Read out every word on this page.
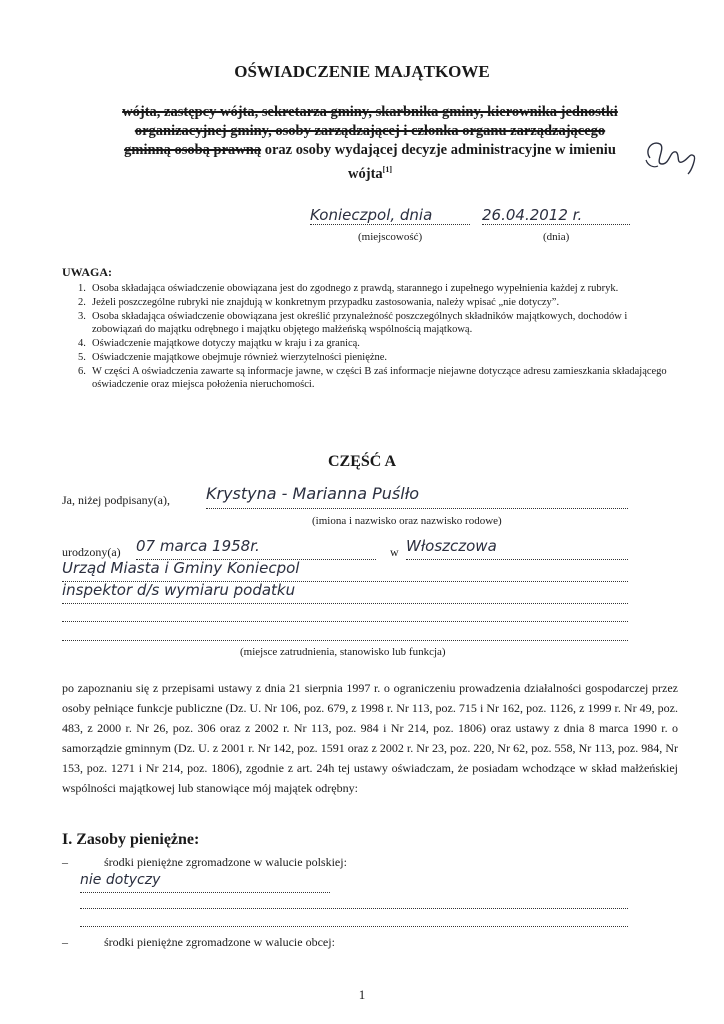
OŚWIADCZENIE MAJĄTKOWE
wójta, zastępcy wójta, sekretarza gminy, skarbnika gminy, kierownika jednostki
organizacyjnej gminy, osoby zarządzającej i członka organu zarządzającego
gminną osobą prawną oraz osoby wydającej decyzje administracyjne w imieniu
wójta[1]
Konieczpol, dnia	26.04.2012 r.
(miejscowość)	(dnia)
UWAGA:
1. Osoba składająca oświadczenie obowiązana jest do zgodnego z prawdą, starannego i zupełnego wypełnienia każdej z rubryk.
2. Jeżeli poszczególne rubryki nie znajdują w konkretnym przypadku zastosowania, należy wpisać „nie dotyczy”.
3. Osoba składająca oświadczenie obowiązana jest określić przynależność poszczególnych składników majątkowych, dochodów i zobowiązań do majątku odrębnego i majątku objętego małżeńską wspólnością majątkową.
4. Oświadczenie majątkowe dotyczy majątku w kraju i za granicą.
5. Oświadczenie majątkowe obejmuje również wierzytelności pieniężne.
6. W części A oświadczenia zawarte są informacje jawne, w części B zaś informacje niejawne dotyczące adresu zamieszkania składającego oświadczenie oraz miejsca położenia nieruchomości.
CZĘŚĆ A
Ja, niżej podpisany(a), Krystyna - Marianna Puślło
(imiona i nazwisko oraz nazwisko rodowe)
urodzony(a) 07 marca 1958r.	w Włoszczowa
Urząd Miasta i Gminy Koniecpol
inspektor d/s wymiaru podatku
(miejsce zatrudnienia, stanowisko lub funkcja)
po zapoznaniu się z przepisami ustawy z dnia 21 sierpnia 1997 r. o ograniczeniu prowadzenia działalności gospodarczej przez osoby pełniące funkcje publiczne (Dz. U. Nr 106, poz. 679, z 1998 r. Nr 113, poz. 715 i Nr 162, poz. 1126, z 1999 r. Nr 49, poz. 483, z 2000 r. Nr 26, poz. 306 oraz z 2002 r. Nr 113, poz. 984 i Nr 214, poz. 1806) oraz ustawy z dnia 8 marca 1990 r. o samorządzie gminnym (Dz. U. z 2001 r. Nr 142, poz. 1591 oraz z 2002 r. Nr 23, poz. 220, Nr 62, poz. 558, Nr 113, poz. 984, Nr 153, poz. 1271 i Nr 214, poz. 1806), zgodnie z art. 24h tej ustawy oświadczam, że posiadam wchodzące w skład małżeńskiej wspólności majątkowej lub stanowiące mój majątek odrębny:
I. Zasoby pieniężne:
–	środki pieniężne zgromadzone w walucie polskiej:
nie dotyczy
–	środki pieniężne zgromadzone w walucie obcej:
1
